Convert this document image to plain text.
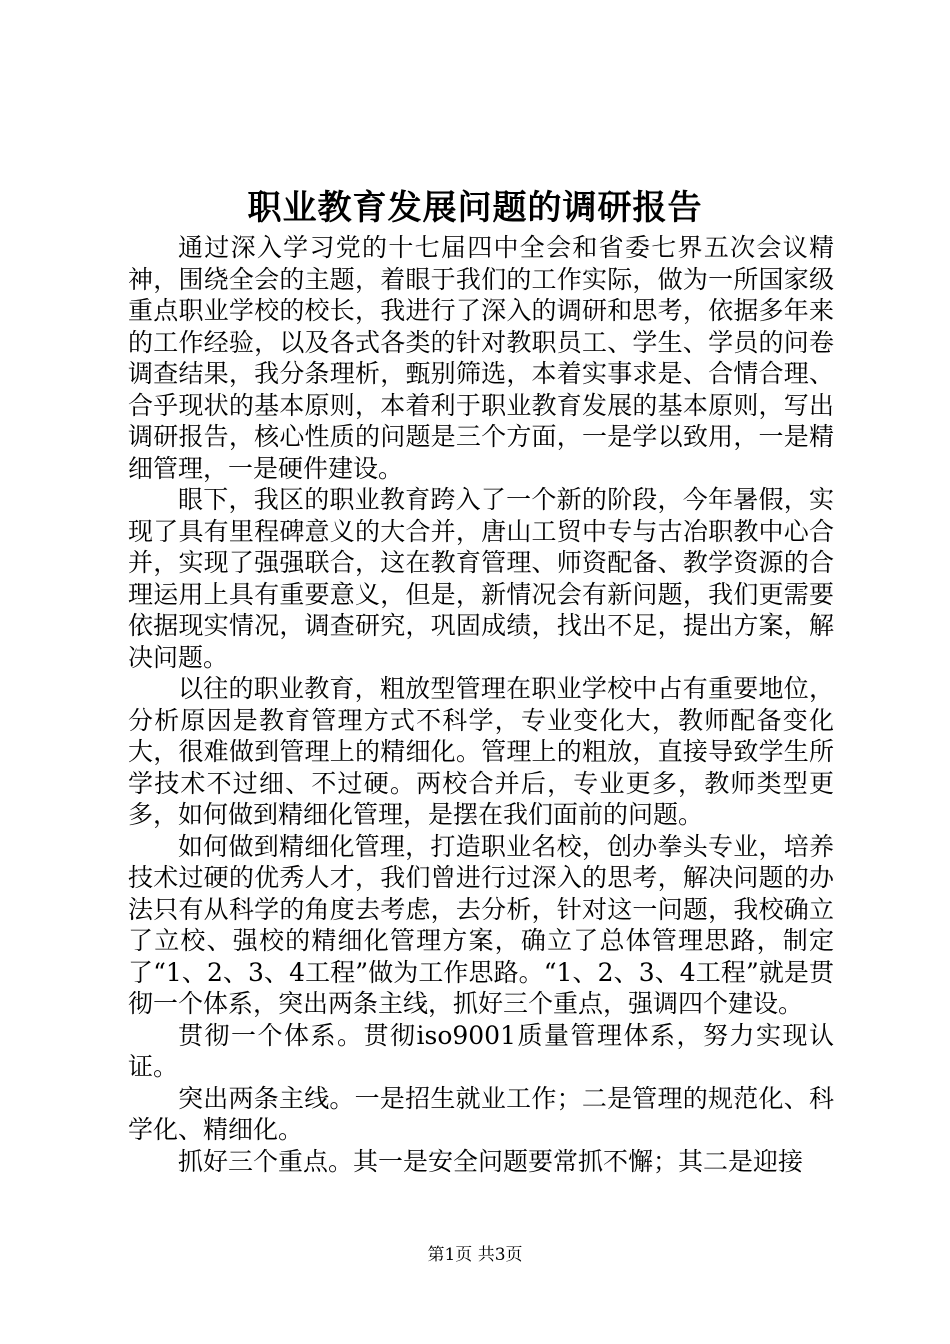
职业教育发展问题的调研报告

通过深入学习党的十七届四中全会和省委七界五次会议精神，围绕全会的主题，着眼于我们的工作实际，做为一所国家级重点职业学校的校长，我进行了深入的调研和思考，依据多年来的工作经验，以及各式各类的针对教职员工、学生、学员的问卷调查结果，我分条理析，甄别筛选，本着实事求是、合情合理、合乎现状的基本原则，本着利于职业教育发展的基本原则，写出调研报告，核心性质的问题是三个方面，一是学以致用，一是精细管理，一是硬件建设。

眼下，我区的职业教育跨入了一个新的阶段，今年暑假，实现了具有里程碑意义的大合并，唐山工贸中专与古冶职教中心合并，实现了强强联合，这在教育管理、师资配备、教学资源的合理运用上具有重要意义，但是，新情况会有新问题，我们更需要依据现实情况，调查研究，巩固成绩，找出不足，提出方案，解决问题。

以往的职业教育，粗放型管理在职业学校中占有重要地位，分析原因是教育管理方式不科学，专业变化大，教师配备变化大，很难做到管理上的精细化。管理上的粗放，直接导致学生所学技术不过细、不过硬。两校合并后，专业更多，教师类型更多，如何做到精细化管理，是摆在我们面前的问题。

如何做到精细化管理，打造职业名校，创办拳头专业，培养技术过硬的优秀人才，我们曾进行过深入的思考，解决问题的办法只有从科学的角度去考虑，去分析，针对这一问题，我校确立了立校、强校的精细化管理方案，确立了总体管理思路，制定了“1、2、3、4工程”做为工作思路。“1、2、3、4工程”就是贯彻一个体系，突出两条主线，抓好三个重点，强调四个建设。

贯彻一个体系。贯彻iso9001质量管理体系，努力实现认证。

突出两条主线。一是招生就业工作；二是管理的规范化、科学化、精细化。

抓好三个重点。其一是安全问题要常抓不懈；其二是迎接

第1页 共3页
